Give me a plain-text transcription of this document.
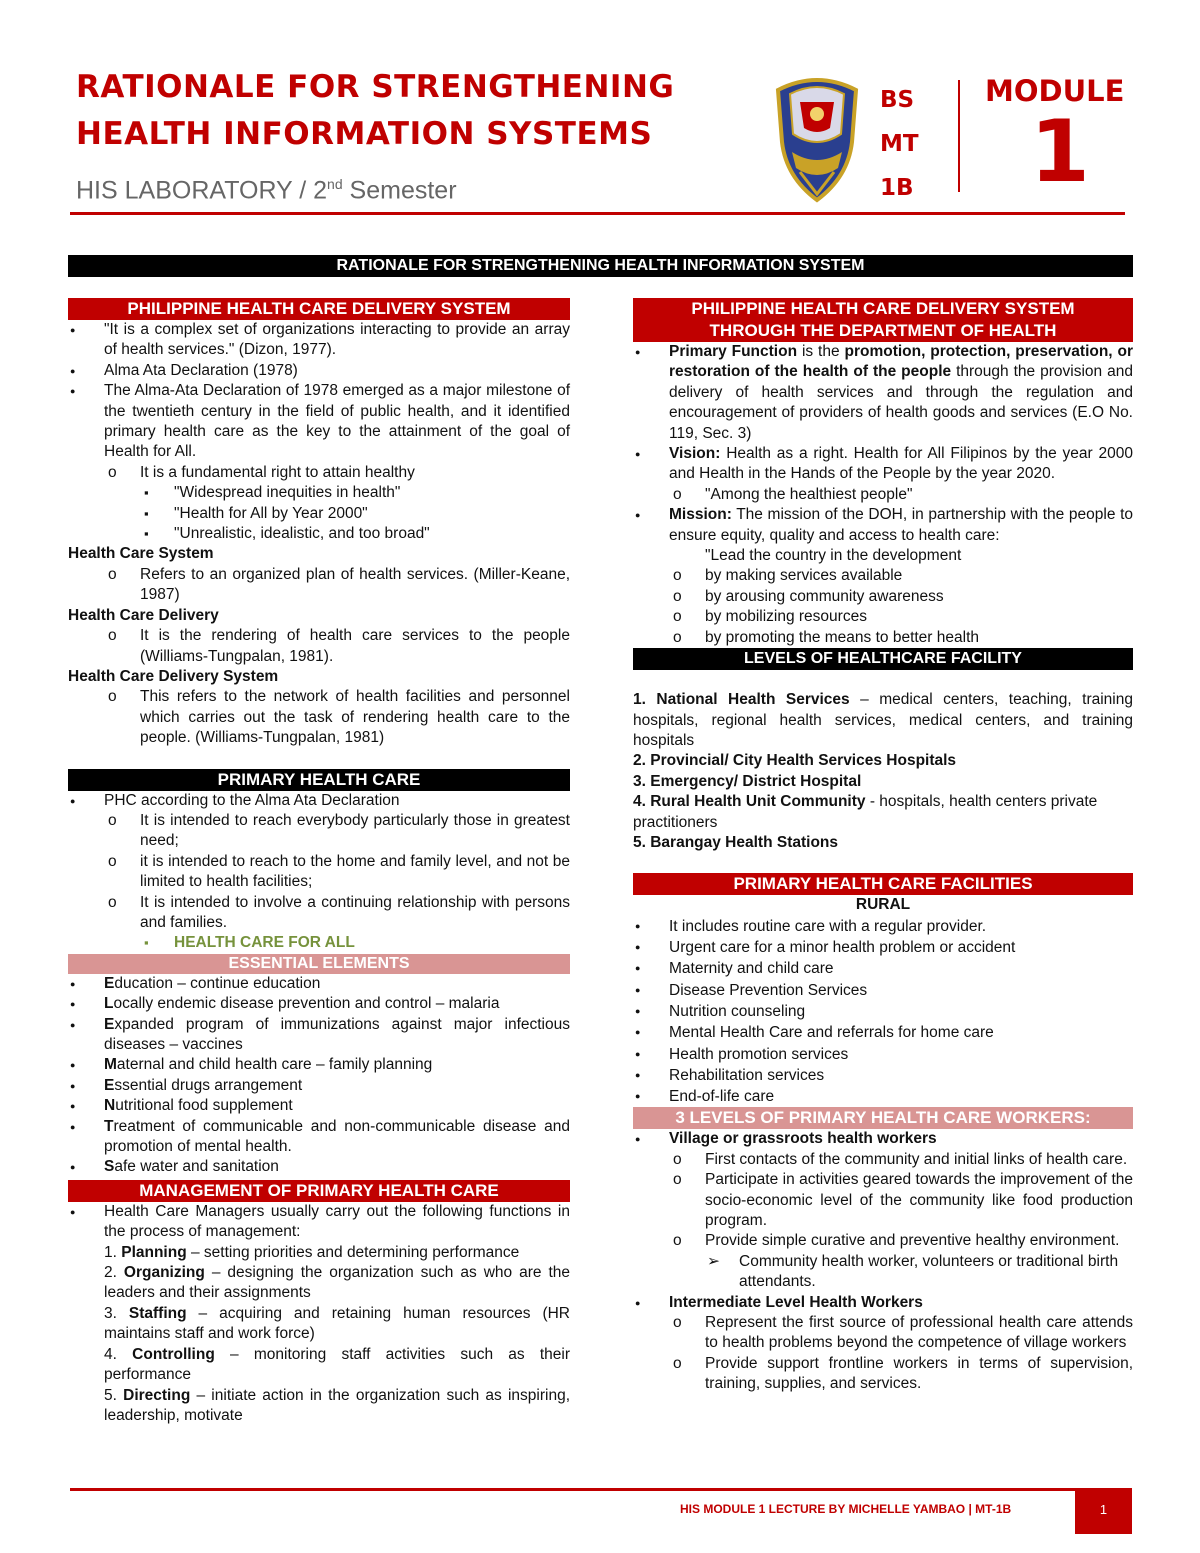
RATIONALE FOR STRENGTHENING
HEALTH INFORMATION SYSTEMS
HIS LABORATORY / 2nd Semester
BS
MT
1B
MODULE
1
RATIONALE FOR STRENGTHENING HEALTH INFORMATION SYSTEM
PHILIPPINE HEALTH CARE DELIVERY SYSTEM

● "It is a complex set of organizations interacting to provide an array of health services." (Dizon, 1977).

● Alma Ata Declaration (1978)

● The Alma-Ata Declaration of 1978 emerged as a major milestone of the twentieth century in the field of public health, and it identified primary health care as the key to the attainment of the goal of Health for All.

o It is a fundamental right to attain healthy

▪ "Widespread inequities in health"

▪ "Health for All by Year 2000"

▪ "Unrealistic, idealistic, and too broad"

Health Care System

o Refers to an organized plan of health services. (Miller-Keane, 1987)

Health Care Delivery

o It is the rendering of health care services to the people (Williams-Tungpalan, 1981).

Health Care Delivery System

o This refers to the network of health facilities and personnel which carries out the task of rendering health care to the people. (Williams-Tungpalan, 1981)

PRIMARY HEALTH CARE

● PHC according to the Alma Ata Declaration

o It is intended to reach everybody particularly those in greatest need;

o it is intended to reach to the home and family level, and not be limited to health facilities;

o It is intended to involve a continuing relationship with persons and families.

▪ HEALTH CARE FOR ALL

ESSENTIAL ELEMENTS

● Education – continue education

● Locally endemic disease prevention and control – malaria

● Expanded program of immunizations against major infectious diseases – vaccines

● Maternal and child health care – family planning

● Essential drugs arrangement

● Nutritional food supplement

● Treatment of communicable and non-communicable disease and promotion of mental health.

● Safe water and sanitation

MANAGEMENT OF PRIMARY HEALTH CARE

● Health Care Managers usually carry out the following functions in the process of management:

1. Planning – setting priorities and determining performance

2. Organizing – designing the organization such as who are the leaders and their assignments

3. Staffing – acquiring and retaining human resources (HR maintains staff and work force)

4. Controlling – monitoring staff activities such as their performance

5. Directing – initiate action in the organization such as inspiring, leadership, motivate

PHILIPPINE HEALTH CARE DELIVERY SYSTEM
THROUGH THE DEPARTMENT OF HEALTH

● Primary Function is the promotion, protection, preservation, or restoration of the health of the people through the provision and delivery of health services and through the regulation and encouragement of providers of health goods and services (E.O No. 119, Sec. 3)

● Vision: Health as a right. Health for All Filipinos by the year 2000 and Health in the Hands of the People by the year 2020.

o "Among the healthiest people"

● Mission: The mission of the DOH, in partnership with the people to ensure equity, quality and access to health care:

"Lead the country in the development

o by making services available

o by arousing community awareness

o by mobilizing resources

o by promoting the means to better health

LEVELS OF HEALTHCARE FACILITY

1. National Health Services – medical centers, teaching, training hospitals, regional health services, medical centers, and training hospitals

2. Provincial/ City Health Services Hospitals

3. Emergency/ District Hospital

4. Rural Health Unit Community - hospitals, health centers private practitioners

5. Barangay Health Stations

PRIMARY HEALTH CARE FACILITIES

RURAL

● It includes routine care with a regular provider.

● Urgent care for a minor health problem or accident

● Maternity and child care

● Disease Prevention Services

● Nutrition counseling

● Mental Health Care and referrals for home care

● Health promotion services

● Rehabilitation services

● End-of-life care

3 LEVELS OF PRIMARY HEALTH CARE WORKERS:

● Village or grassroots health workers

o First contacts of the community and initial links of health care.

o Participate in activities geared towards the improvement of the socio-economic level of the community like food production program.

o Provide simple curative and preventive healthy environment.

➢ Community health worker, volunteers or traditional birth attendants.

● Intermediate Level Health Workers

o Represent the first source of professional health care attends to health problems beyond the competence of village workers

o Provide support frontline workers in terms of supervision, training, supplies, and services.

HIS MODULE 1 LECTURE BY MICHELLE YAMBAO | MT-1B	1
